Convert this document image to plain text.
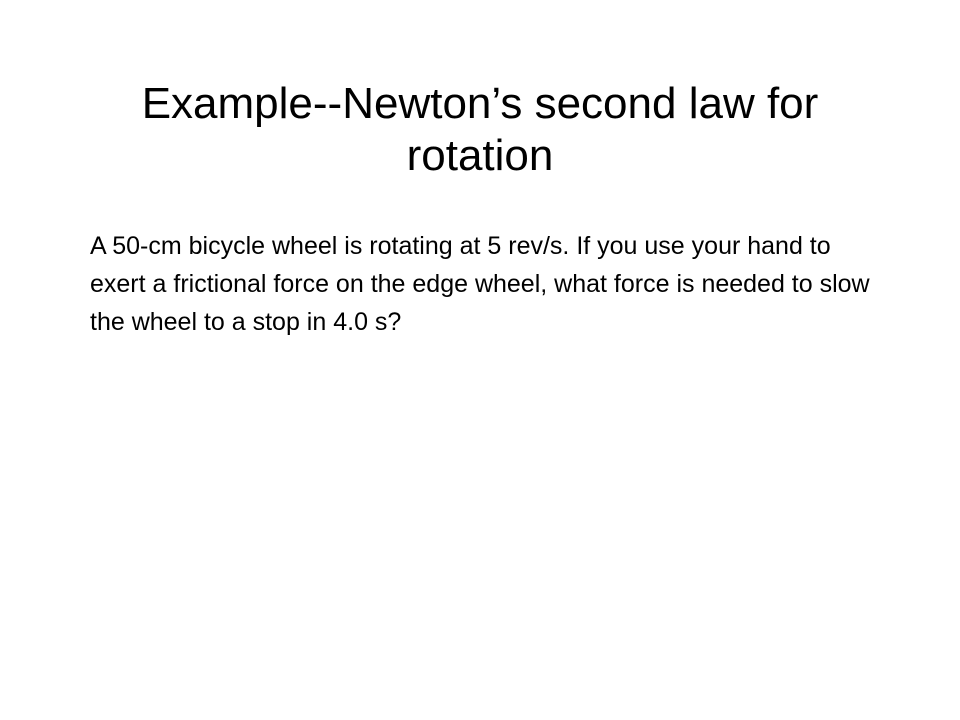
Example--Newton’s second law for rotation

A 50-cm bicycle wheel is rotating at 5 rev/s. If you use your hand to exert a frictional force on the edge wheel, what force is needed to slow the wheel to a stop in 4.0 s?
